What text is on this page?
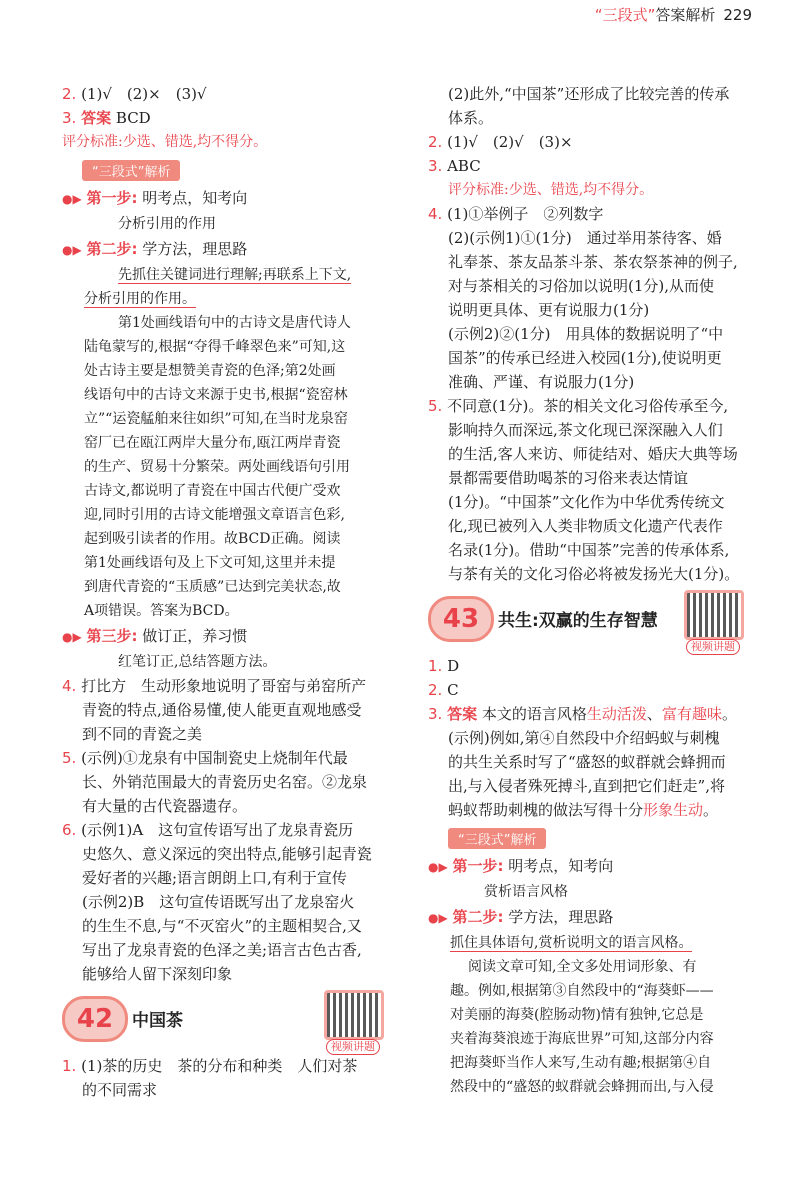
“三段式”答案解析 229

2. (1)√　(2)×　(3)√

3. 答案 BCD

评分标准:少选、错选,均不得分。

“三段式”解析
●▶ 第一步: 明考点，知考向
分析引用的作用
●▶ 第二步: 学方法，理思路
先抓住关键词进行理解;再联系上下文,
分析引用的作用。
第1处画线语句中的古诗文是唐代诗人
陆龟蒙写的,根据“夺得千峰翠色来”可知,这
处古诗主要是想赞美青瓷的色泽;第2处画
线语句中的古诗文来源于史书,根据“瓷窑林
立”“运瓷艋舶来往如织”可知,在当时龙泉窑
窑厂已在瓯江两岸大量分布,瓯江两岸青瓷
的生产、贸易十分繁荣。两处画线语句引用
古诗文,都说明了青瓷在中国古代便广受欢
迎,同时引用的古诗文能增强文章语言色彩,
起到吸引读者的作用。故BCD正确。阅读
第1处画线语句及上下文可知,这里并未提
到唐代青瓷的“玉质感”已达到完美状态,故
A项错误。答案为BCD。
●▶ 第三步: 做订正，养习惯
红笔订正,总结答题方法。

4. 打比方　生动形象地说明了哥窑与弟窑所产

青瓷的特点,通俗易懂,使人能更直观地感受

到不同的青瓷之美

5. (示例)①龙泉有中国制瓷史上烧制年代最

长、外销范围最大的青瓷历史名窑。②龙泉

有大量的古代瓷器遗存。

6. (示例1)A　这句宣传语写出了龙泉青瓷历

史悠久、意义深远的突出特点,能够引起青瓷

爱好者的兴趣;语言朗朗上口,有利于宣传

(示例2)B　这句宣传语既写出了龙泉窑火

的生生不息,与“不灭窑火”的主题相契合,又

写出了龙泉青瓷的色泽之美;语言古色古香,

能够给人留下深刻印象

42	中国茶
视频讲题

1. (1)茶的历史　茶的分布和种类　人们对茶

的不同需求

(2)此外,“中国茶”还形成了比较完善的传承

体系。

2. (1)√　(2)√　(3)×

3. ABC

评分标准:少选、错选,均不得分。

4. (1)①举例子　②列数字

(2)(示例1)①(1分)　通过举用茶待客、婚

礼奉茶、茶友品茶斗茶、茶农祭茶神的例子,

对与茶相关的习俗加以说明(1分),从而使

说明更具体、更有说服力(1分)

(示例2)②(1分)　用具体的数据说明了“中

国茶”的传承已经进入校园(1分),使说明更

准确、严谨、有说服力(1分)

5. 不同意(1分)。茶的相关文化习俗传承至今,

影响持久而深远,茶文化现已深深融入人们

的生活,客人来访、师徒结对、婚庆大典等场

景都需要借助喝茶的习俗来表达情谊

(1分)。“中国茶”文化作为中华优秀传统文

化,现已被列入人类非物质文化遗产代表作

名录(1分)。借助“中国茶”完善的传承体系,

与茶有关的文化习俗必将被发扬光大(1分)。

43	共生:双赢的生存智慧
视频讲题

1. D

2. C

3. 答案 本文的语言风格生动活泼、富有趣味。

(示例)例如,第④自然段中介绍蚂蚁与刺槐

的共生关系时写了“盛怒的蚁群就会蜂拥而

出,与入侵者殊死搏斗,直到把它们赶走”,将

蚂蚁帮助刺槐的做法写得十分形象生动。

“三段式”解析
●▶ 第一步: 明考点，知考向
赏析语言风格
●▶ 第二步: 学方法，理思路
抓住具体语句,赏析说明文的语言风格。
阅读文章可知,全文多处用词形象、有
趣。例如,根据第③自然段中的“海葵虾——
对美丽的海葵(腔肠动物)情有独钟,它总是
夹着海葵浪迹于海底世界”可知,这部分内容
把海葵虾当作人来写,生动有趣;根据第④自
然段中的“盛怒的蚁群就会蜂拥而出,与入侵
